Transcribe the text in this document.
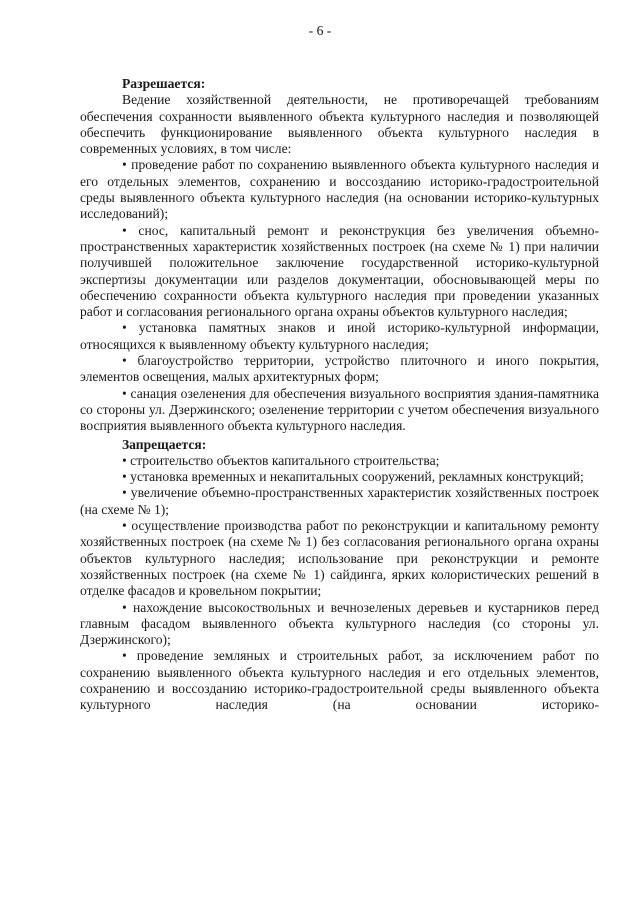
- 6 -

Разрешается:

Ведение хозяйственной деятельности, не противоречащей требованиям обеспечения сохранности выявленного объекта культурного наследия и позволяющей обеспечить функционирование выявленного объекта культурного наследия в современных условиях, в том числе:

• проведение работ по сохранению выявленного объекта культурного наследия и его отдельных элементов, сохранению и воссозданию историко-градостроительной среды выявленного объекта культурного наследия (на основании историко-культурных исследований);

• снос, капитальный ремонт и реконструкция без увеличения объемно-пространственных характеристик хозяйственных построек (на схеме № 1) при наличии получившей положительное заключение государственной историко-культурной экспертизы документации или разделов документации, обосновывающей меры по обеспечению сохранности объекта культурного наследия при проведении указанных работ и согласования регионального органа охраны объектов культурного наследия;

• установка памятных знаков и иной историко-культурной информации, относящихся к выявленному объекту культурного наследия;

• благоустройство территории, устройство плиточного и иного покрытия, элементов освещения, малых архитектурных форм;

• санация озеленения для обеспечения визуального восприятия здания-памятника со стороны ул. Дзержинского; озеленение территории с учетом обеспечения визуального восприятия выявленного объекта культурного наследия.

Запрещается:

• строительство объектов капитального строительства;

• установка временных и некапитальных сооружений, рекламных конструкций;

• увеличение объемно-пространственных характеристик хозяйственных построек (на схеме № 1);

• осуществление производства работ по реконструкции и капитальному ремонту хозяйственных построек (на схеме № 1) без согласования регионального органа охраны объектов культурного наследия; использование при реконструкции и ремонте хозяйственных построек (на схеме № 1) сайдинга, ярких колористических решений в отделке фасадов и кровельном покрытии;

• нахождение высокоствольных и вечнозеленых деревьев и кустарников перед главным фасадом выявленного объекта культурного наследия (со стороны ул. Дзержинского);

• проведение земляных и строительных работ, за исключением работ по сохранению выявленного объекта культурного наследия и его отдельных элементов, сохранению и воссозданию историко-градостроительной среды выявленного объекта культурного наследия (на основании историко-
